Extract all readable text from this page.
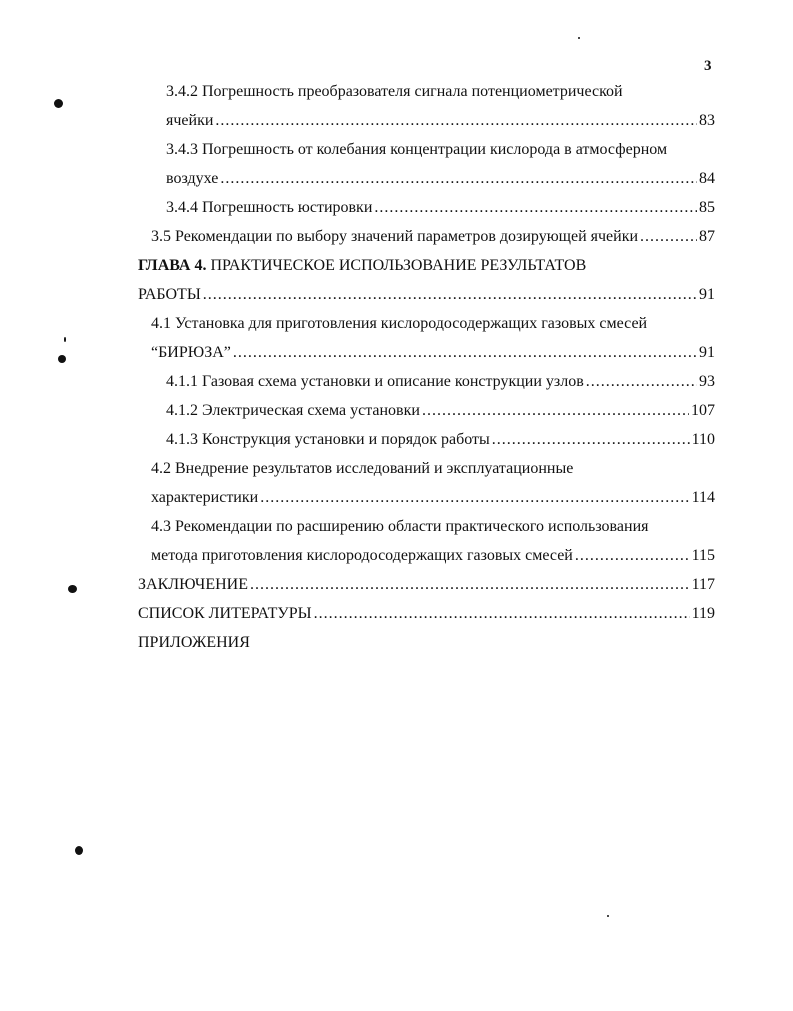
3
3.4.2 Погрешность преобразователя сигнала потенциометрической
ячейки .....	83
3.4.3 Погрешность от колебания концентрации кислорода в атмосферном
воздухе .....	84
3.4.4 Погрешность юстировки .....	85
3.5 Рекомендации по выбору значений параметров дозирующей ячейки .....	87
ГЛАВА 4. ПРАКТИЧЕСКОЕ ИСПОЛЬЗОВАНИЕ РЕЗУЛЬТАТОВ
РАБОТЫ .....	91
4.1 Установка для приготовления кислородосодержащих газовых смесей
“БИРЮЗА” .....	91
4.1.1 Газовая схема установки и описание конструкции узлов .....	93
4.1.2 Электрическая схема установки .....	107
4.1.3 Конструкция установки и порядок работы .....	110
4.2 Внедрение результатов исследований и эксплуатационные
характеристики .....	114
4.3 Рекомендации по расширению области практического использования
метода приготовления кислородосодержащих газовых смесей .....	115
ЗАКЛЮЧЕНИЕ .....	117
СПИСОК ЛИТЕРАТУРЫ .....	119
ПРИЛОЖЕНИЯ
